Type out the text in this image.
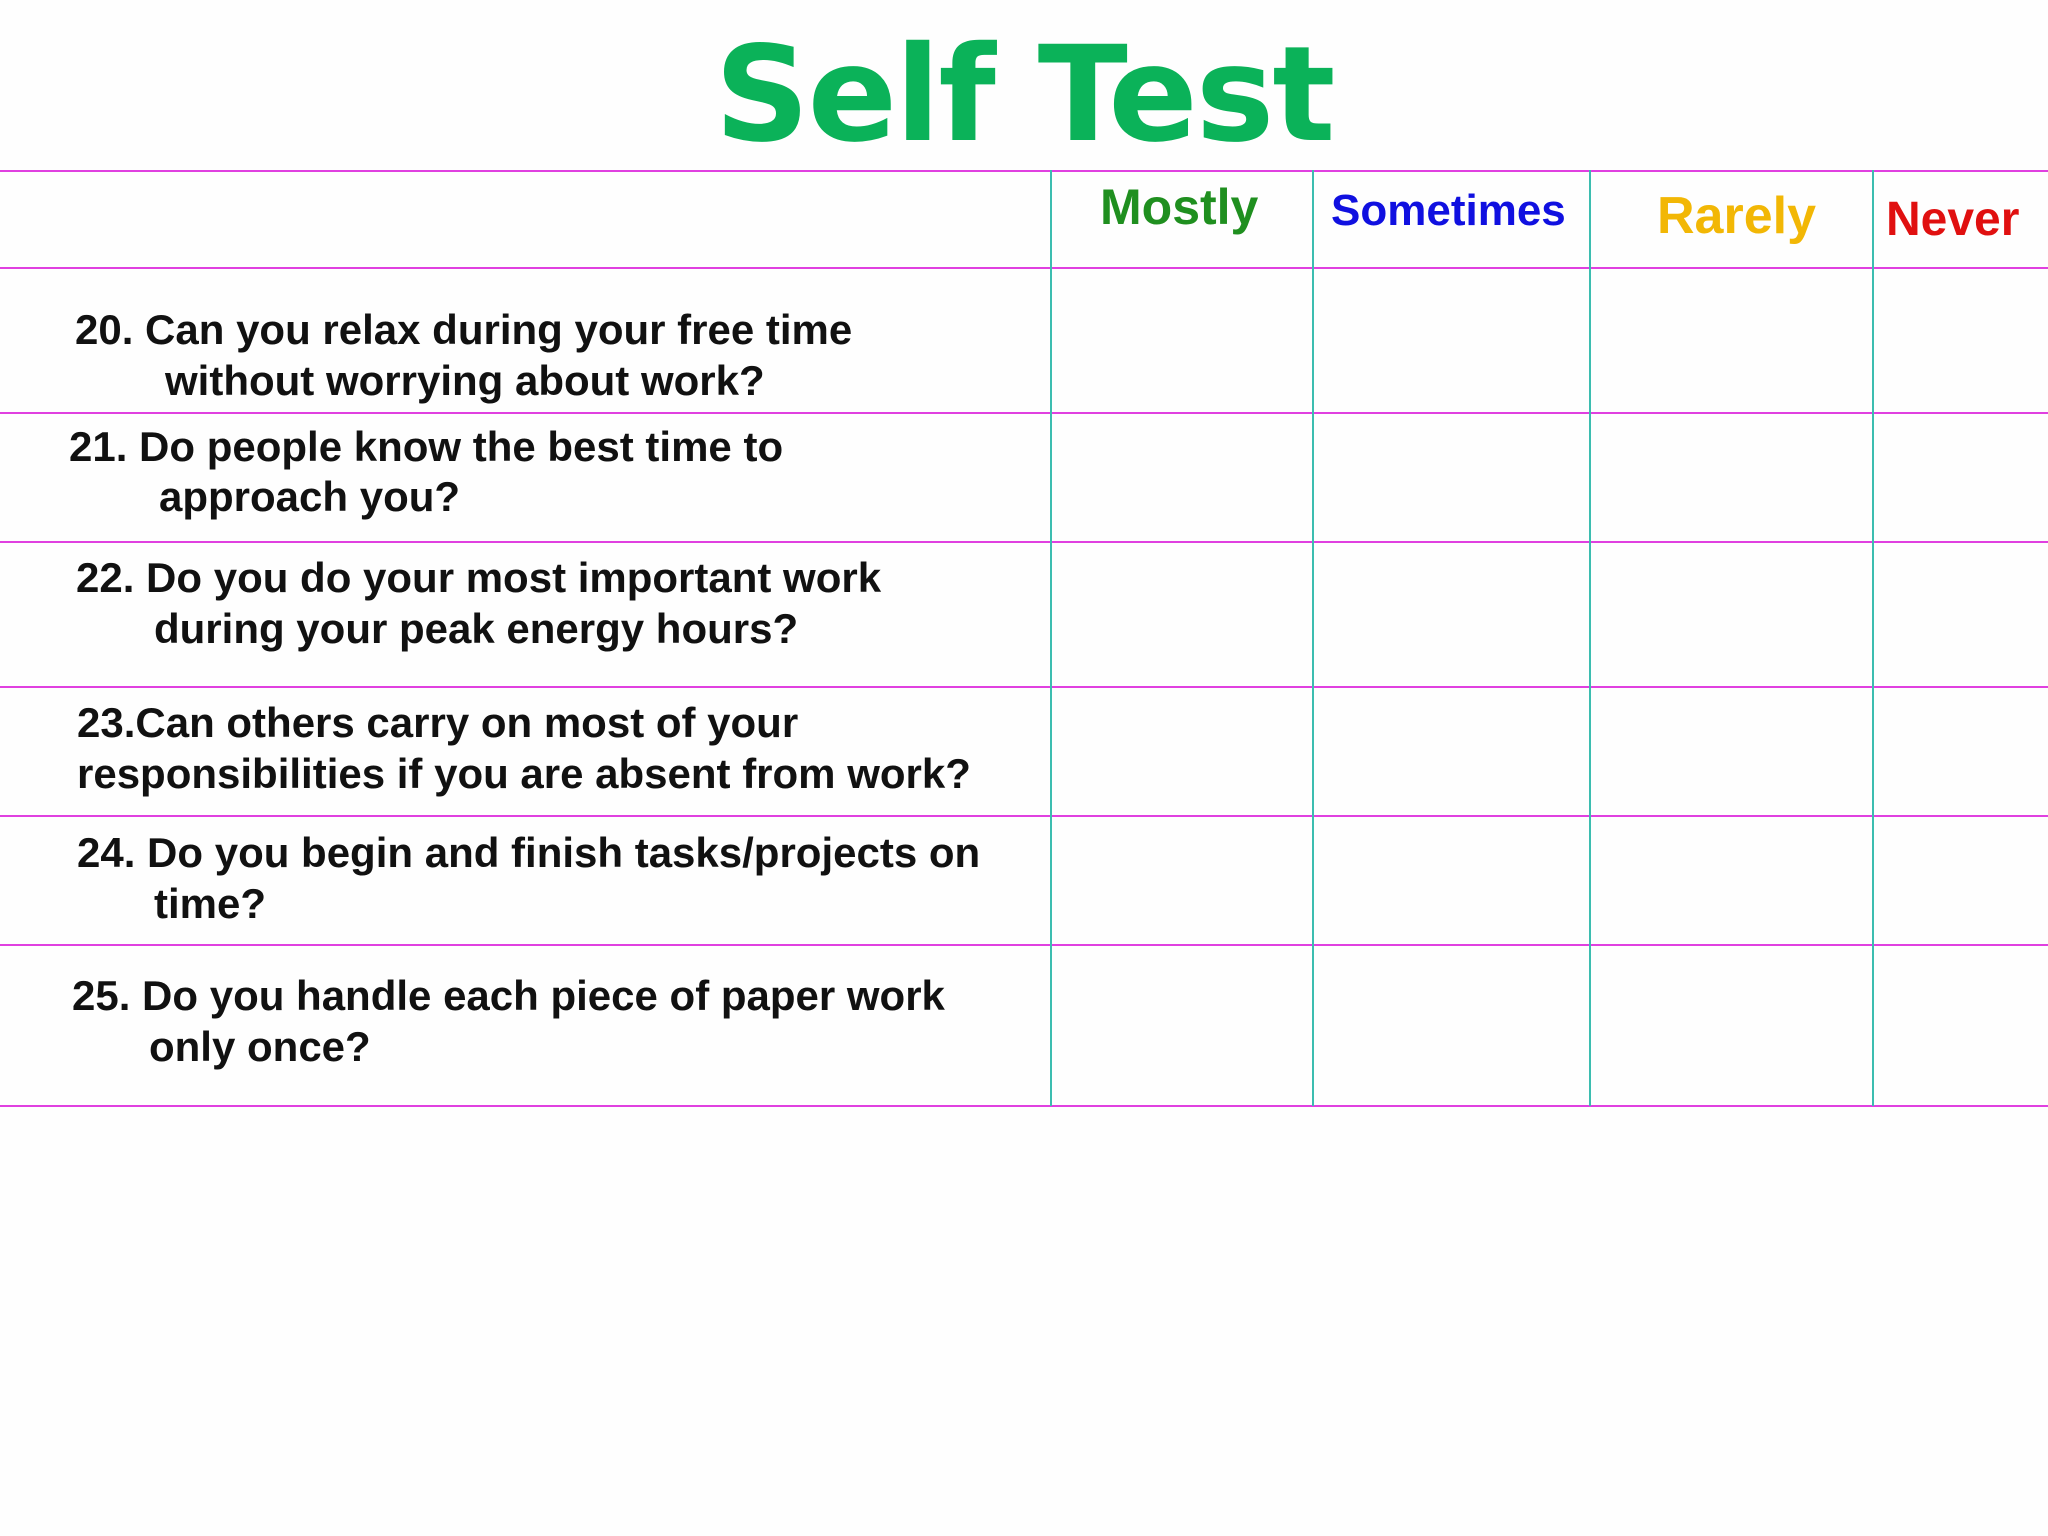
Self Test
Mostly Sometimes Rarely Never
20. Can you relax during your free time
without worrying about work?
21. Do people know the best time to
approach you?
22. Do you do your most important work
during your peak energy hours?
23.Can others carry on most of your
responsibilities if you are absent from work?
24. Do you begin and finish tasks/projects on
time?
25. Do you handle each piece of paper work
only once?
